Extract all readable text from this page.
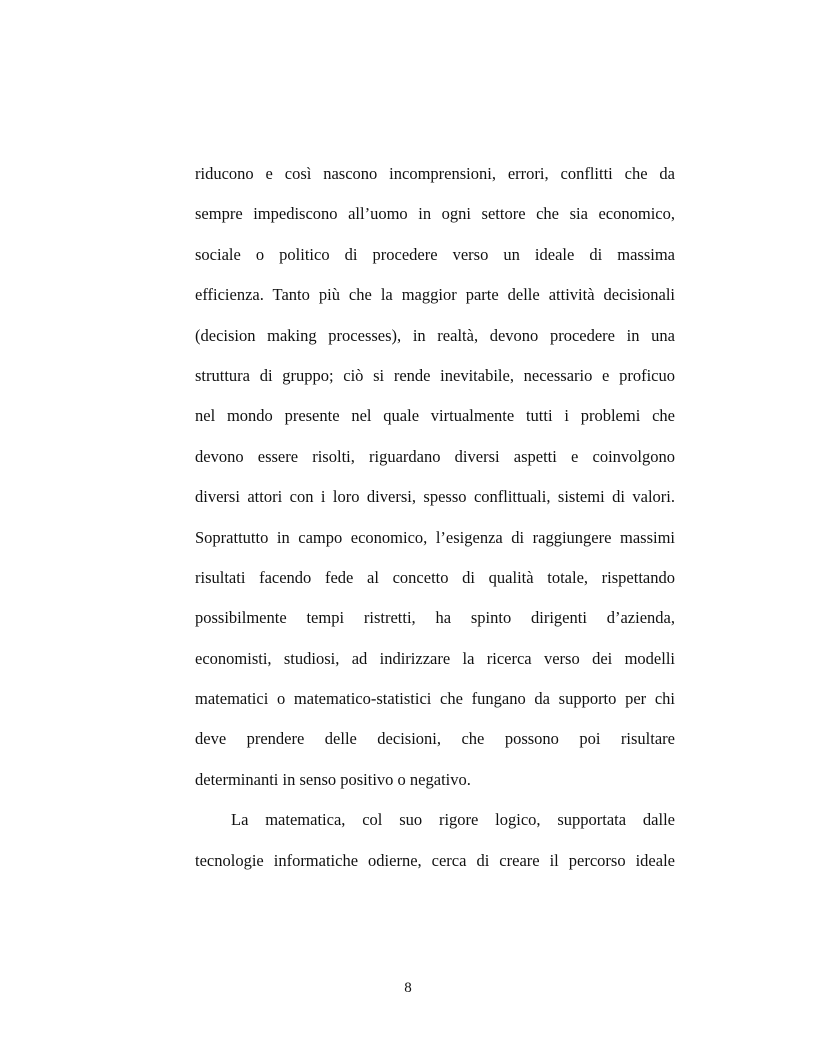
riducono e così nascono incomprensioni, errori, conflitti che da
sempre impediscono all’uomo in ogni settore che sia economico,
sociale o politico di procedere verso un ideale di massima
efficienza. Tanto più che la maggior parte delle attività decisionali
(decision making processes), in realtà, devono procedere in una
struttura di gruppo; ciò si rende inevitabile, necessario e proficuo
nel mondo presente nel quale virtualmente tutti i problemi che
devono essere risolti, riguardano diversi aspetti e coinvolgono
diversi attori con i loro diversi, spesso conflittuali, sistemi di valori.
Soprattutto in campo economico, l’esigenza di raggiungere massimi
risultati facendo fede al concetto di qualità totale, rispettando
possibilmente tempi ristretti, ha spinto dirigenti d’azienda,
economisti, studiosi, ad indirizzare la ricerca verso dei modelli
matematici o matematico-statistici che fungano da supporto per chi
deve prendere delle decisioni, che possono poi risultare
determinanti in senso positivo o negativo.
La matematica, col suo rigore logico, supportata dalle
tecnologie informatiche odierne, cerca di creare il percorso ideale
8
